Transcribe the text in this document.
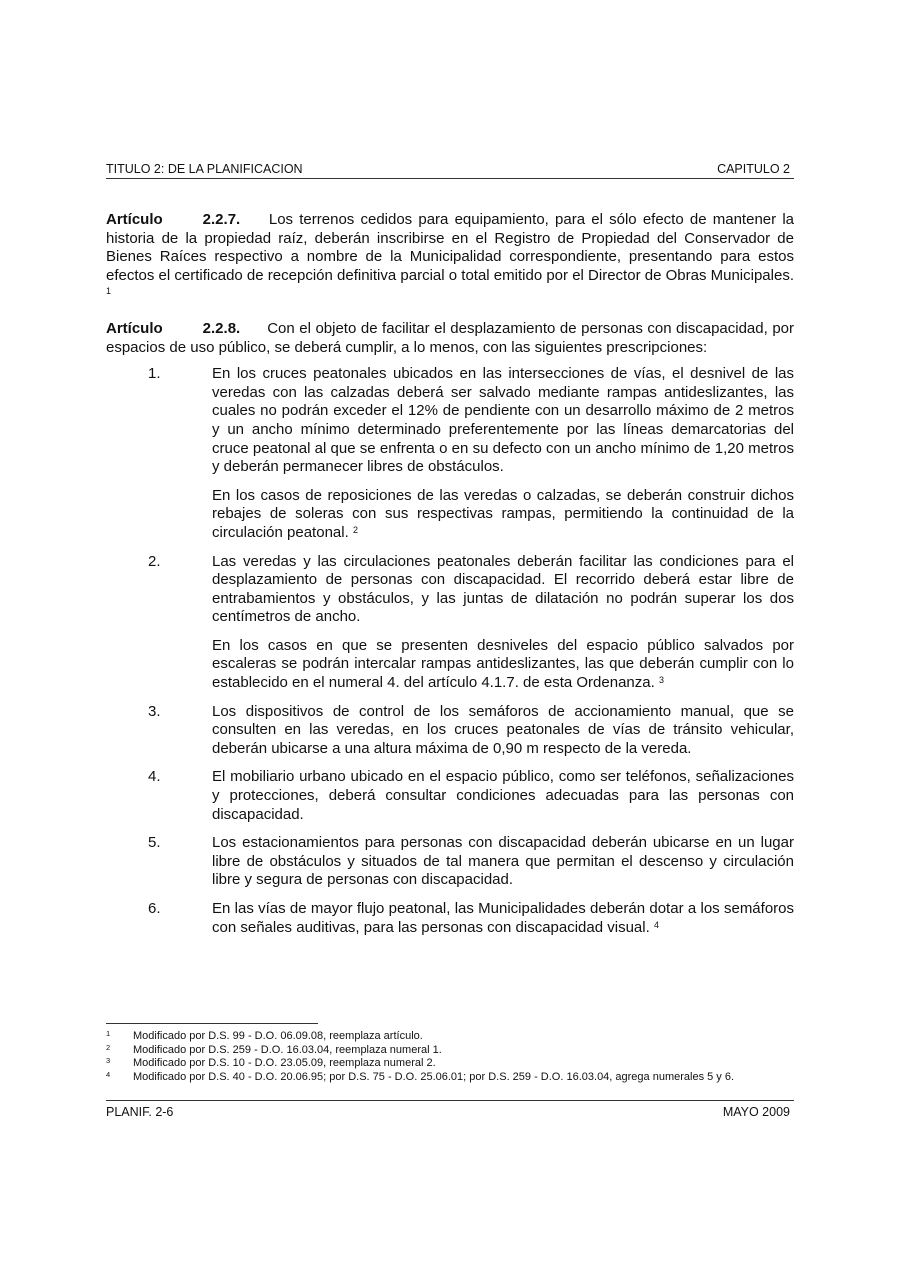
TITULO 2: DE LA PLANIFICACION	CAPITULO 2

Artículo	2.2.7. Los terrenos cedidos para equipamiento, para el sólo efecto de mantener la historia de la propiedad raíz, deberán inscribirse en el Registro de Propiedad del Conservador de Bienes Raíces respectivo a nombre de la Municipalidad correspondiente, presentando para estos efectos el certificado de recepción definitiva parcial o total emitido por el Director de Obras Municipales. $^1$

Artículo	2.2.8. Con el objeto de facilitar el desplazamiento de personas con discapacidad, por espacios de uso público, se deberá cumplir, a lo menos, con las siguientes prescripciones:

1.	En los cruces peatonales ubicados en las intersecciones de vías, el desnivel de las veredas con las calzadas deberá ser salvado mediante rampas antideslizantes, las cuales no podrán exceder el 12% de pendiente con un desarrollo máximo de 2 metros y un ancho mínimo determinado preferentemente por las líneas demarcatorias del cruce peatonal al que se enfrenta o en su defecto con un ancho mínimo de 1,20 metros y deberán permanecer libres de obstáculos.

En los casos de reposiciones de las veredas o calzadas, se deberán construir dichos rebajes de soleras con sus respectivas rampas, permitiendo la continuidad de la circulación peatonal. $^2$

2.	Las veredas y las circulaciones peatonales deberán facilitar las condiciones para el desplazamiento de personas con discapacidad. El recorrido deberá estar libre de entrabamientos y obstáculos, y las juntas de dilatación no podrán superar los dos centímetros de ancho.

En los casos en que se presenten desniveles del espacio público salvados por escaleras se podrán intercalar rampas antideslizantes, las que deberán cumplir con lo establecido en el numeral 4. del artículo 4.1.7. de esta Ordenanza. $^3$

3.	Los dispositivos de control de los semáforos de accionamiento manual, que se consulten en las veredas, en los cruces peatonales de vías de tránsito vehicular, deberán ubicarse a una altura máxima de 0,90 m respecto de la vereda.

4.	El mobiliario urbano ubicado en el espacio público, como ser teléfonos, señalizaciones y protecciones, deberá consultar condiciones adecuadas para las personas con discapacidad.

5.	Los estacionamientos para personas con discapacidad deberán ubicarse en un lugar libre de obstáculos y situados de tal manera que permitan el descenso y circulación libre y segura de personas con discapacidad.

6.	En las vías de mayor flujo peatonal, las Municipalidades deberán dotar a los semáforos con señales auditivas, para las personas con discapacidad visual. $^4$

1 Modificado por D.S. 99 - D.O. 06.09.08, reemplaza artículo.
2 Modificado por D.S. 259 - D.O. 16.03.04, reemplaza numeral 1.
3 Modificado por D.S. 10 - D.O. 23.05.09, reemplaza numeral 2.
4 Modificado por D.S. 40 - D.O. 20.06.95; por D.S. 75 - D.O. 25.06.01; por D.S. 259 - D.O. 16.03.04, agrega numerales 5 y 6.
PLANIF. 2-6	MAYO 2009
